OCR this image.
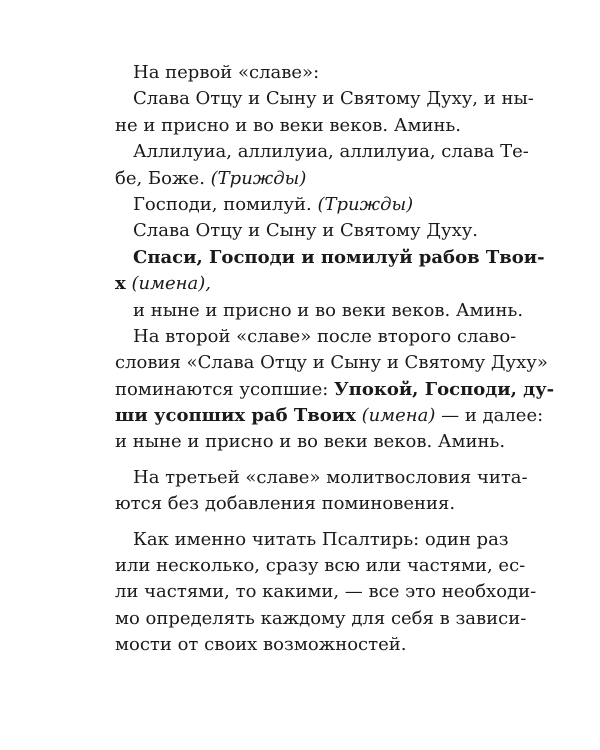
На первой «славе»:
Слава Отцу и Сыну и Святому Духу, и ны-
не и присно и во веки веков. Аминь.
Аллилуиа, аллилуиа, аллилуиа, слава Те-
бе, Боже. (Трижды)
Господи, помилуй. (Трижды)
Слава Отцу и Сыну и Святому Духу.
Спаси, Господи и помилуй рабов Твои-
х (имена),
и ныне и присно и во веки веков. Аминь.
На второй «славе» после второго славо-
словия «Слава Отцу и Сыну и Святому Духу»
поминаются усопшие: Упокой, Господи, ду-
ши усопших раб Твоих (имена) — и далее:
и ныне и присно и во веки веков. Аминь.
На третьей «славе» молитвословия чита-
ются без добавления поминовения.
Как именно читать Псалтирь: один раз
или несколько, сразу всю или частями, ес-
ли частями, то какими, — все это необходи-
мо определять каждому для себя в зависи-
мости от своих возможностей.
